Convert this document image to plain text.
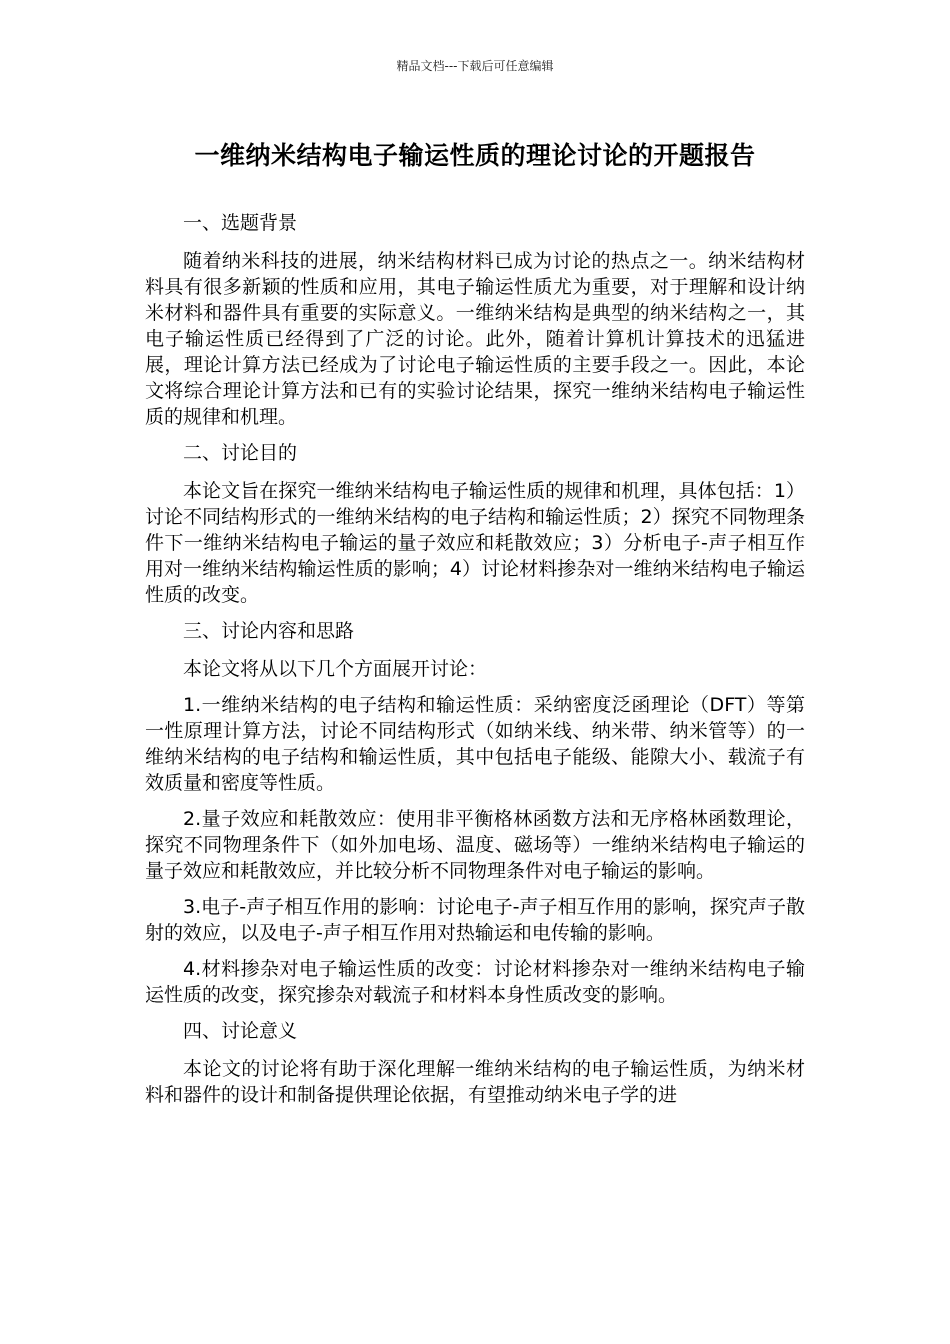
精品文档---下载后可任意编辑
一维纳米结构电子输运性质的理论讨论的开题报告

一、选题背景

随着纳米科技的进展，纳米结构材料已成为讨论的热点之一。纳米结构材料具有很多新颖的性质和应用，其电子输运性质尤为重要，对于理解和设计纳米材料和器件具有重要的实际意义。一维纳米结构是典型的纳米结构之一，其电子输运性质已经得到了广泛的讨论。此外，随着计算机计算技术的迅猛进展，理论计算方法已经成为了讨论电子输运性质的主要手段之一。因此，本论文将综合理论计算方法和已有的实验讨论结果，探究一维纳米结构电子输运性质的规律和机理。

二、讨论目的

本论文旨在探究一维纳米结构电子输运性质的规律和机理，具体包括：1）讨论不同结构形式的一维纳米结构的电子结构和输运性质；2）探究不同物理条件下一维纳米结构电子输运的量子效应和耗散效应；3）分析电子-声子相互作用对一维纳米结构输运性质的影响；4）讨论材料掺杂对一维纳米结构电子输运性质的改变。

三、讨论内容和思路

本论文将从以下几个方面展开讨论：

1.一维纳米结构的电子结构和输运性质：采纳密度泛函理论（DFT）等第一性原理计算方法，讨论不同结构形式（如纳米线、纳米带、纳米管等）的一维纳米结构的电子结构和输运性质，其中包括电子能级、能隙大小、载流子有效质量和密度等性质。

2.量子效应和耗散效应：使用非平衡格林函数方法和无序格林函数理论，探究不同物理条件下（如外加电场、温度、磁场等）一维纳米结构电子输运的量子效应和耗散效应，并比较分析不同物理条件对电子输运的影响。

3.电子-声子相互作用的影响：讨论电子-声子相互作用的影响，探究声子散射的效应，以及电子-声子相互作用对热输运和电传输的影响。

4.材料掺杂对电子输运性质的改变：讨论材料掺杂对一维纳米结构电子输运性质的改变，探究掺杂对载流子和材料本身性质改变的影响。

四、讨论意义

本论文的讨论将有助于深化理解一维纳米结构的电子输运性质，为纳米材料和器件的设计和制备提供理论依据，有望推动纳米电子学的进
